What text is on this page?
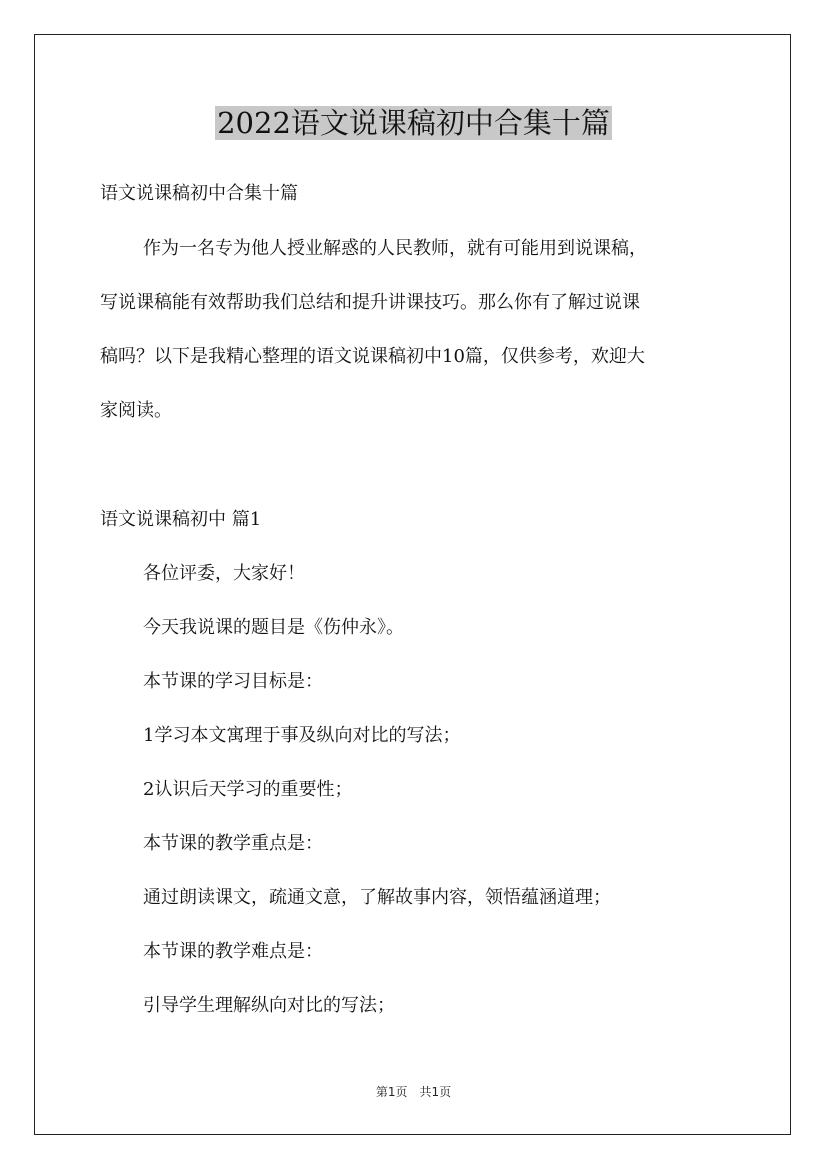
2022语文说课稿初中合集十篇
语文说课稿初中合集十篇
作为一名专为他人授业解惑的人民教师，就有可能用到说课稿，
写说课稿能有效帮助我们总结和提升讲课技巧。那么你有了解过说课
稿吗？以下是我精心整理的语文说课稿初中10篇，仅供参考，欢迎大
家阅读。
语文说课稿初中 篇1
各位评委，大家好！
今天我说课的题目是《伤仲永》。
本节课的学习目标是：
1学习本文寓理于事及纵向对比的写法；
2认识后天学习的重要性；
本节课的教学重点是：
通过朗读课文，疏通文意，了解故事内容，领悟蕴涵道理；
本节课的教学难点是：
引导学生理解纵向对比的写法；
第1页　共1页
